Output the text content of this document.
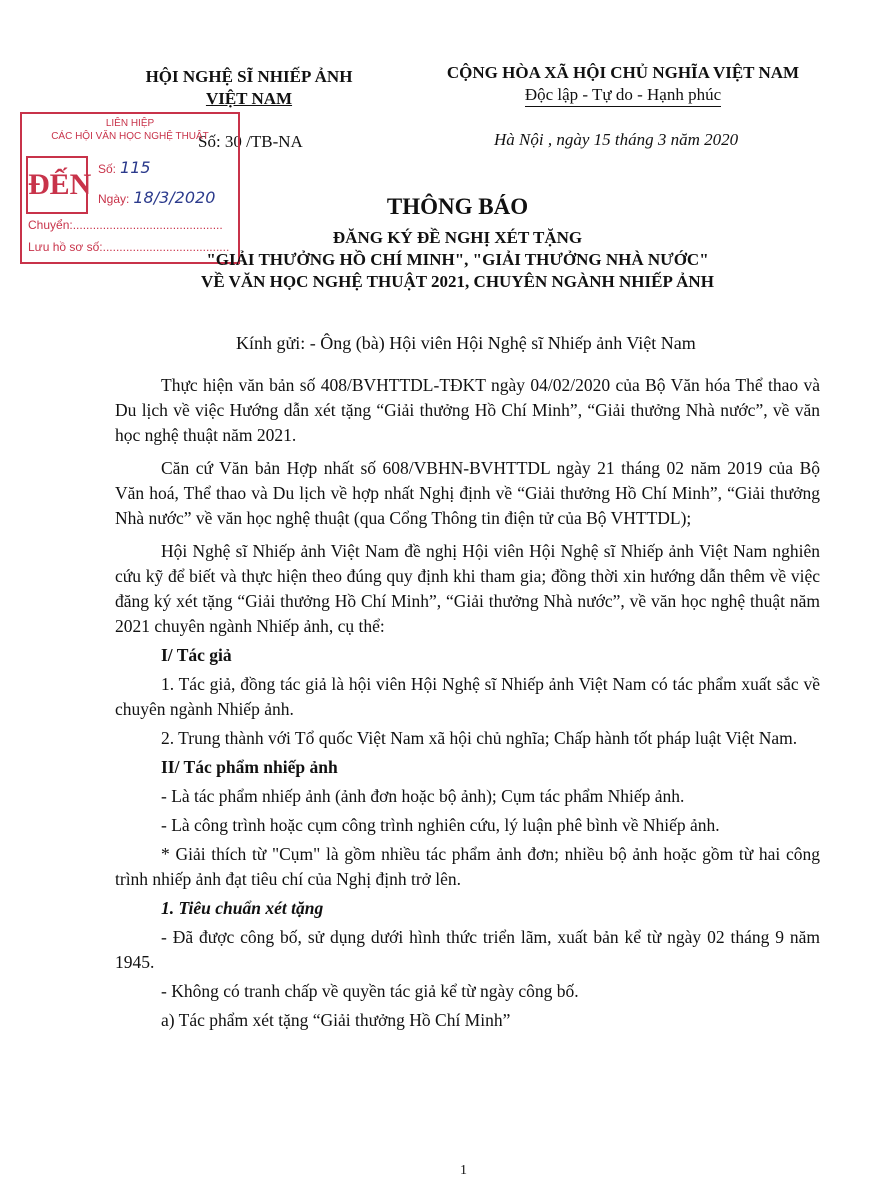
HỘI NGHỆ SĨ NHIẾP ẢNH
VIỆT NAM
CỘNG HÒA XÃ HỘI CHỦ NGHĨA VIỆT NAM
Độc lập - Tự do - Hạnh phúc
Số: 30 /TB-NA	Hà Nội , ngày 15 tháng 3 năm 2020
LIÊN HIỆP
CÁC HỘI VĂN HỌC NGHỆ THUẬT
ĐẾN Số: 115
Ngày: 18/3/2020
Chuyển:.............................................
Lưu hồ sơ số:......................................
THÔNG BÁO
ĐĂNG KÝ ĐỀ NGHỊ XÉT TẶNG
"GIẢI THƯỞNG HỒ CHÍ MINH", "GIẢI THƯỞNG NHÀ NƯỚC"
VỀ VĂN HỌC NGHỆ THUẬT 2021, CHUYÊN NGÀNH NHIẾP ẢNH
Kính gửi: - Ông (bà) Hội viên Hội Nghệ sĩ Nhiếp ảnh Việt Nam

Thực hiện văn bản số 408/BVHTTDL-TĐKT ngày 04/02/2020 của Bộ Văn hóa Thể thao và Du lịch về việc Hướng dẫn xét tặng “Giải thưởng Hồ Chí Minh”, “Giải thưởng Nhà nước”, về văn học nghệ thuật năm 2021.

Căn cứ Văn bản Hợp nhất số 608/VBHN-BVHTTDL ngày 21 tháng 02 năm 2019 của Bộ Văn hoá, Thể thao và Du lịch về hợp nhất Nghị định về “Giải thưởng Hồ Chí Minh”, “Giải thưởng Nhà nước” về văn học nghệ thuật (qua Cổng Thông tin điện tử của Bộ VHTTDL);

Hội Nghệ sĩ Nhiếp ảnh Việt Nam đề nghị Hội viên Hội Nghệ sĩ Nhiếp ảnh Việt Nam nghiên cứu kỹ để biết và thực hiện theo đúng quy định khi tham gia; đồng thời xin hướng dẫn thêm về việc đăng ký xét tặng “Giải thưởng Hồ Chí Minh”, “Giải thưởng Nhà nước”, về văn học nghệ thuật năm 2021 chuyên ngành Nhiếp ảnh, cụ thể:

I/ Tác giả

1. Tác giả, đồng tác giả là hội viên Hội Nghệ sĩ Nhiếp ảnh Việt Nam có tác phẩm xuất sắc về chuyên ngành Nhiếp ảnh.

2. Trung thành với Tổ quốc Việt Nam xã hội chủ nghĩa; Chấp hành tốt pháp luật Việt Nam.

II/ Tác phẩm nhiếp ảnh

- Là tác phẩm nhiếp ảnh (ảnh đơn hoặc bộ ảnh); Cụm tác phẩm Nhiếp ảnh.

- Là công trình hoặc cụm công trình nghiên cứu, lý luận phê bình về Nhiếp ảnh.

* Giải thích từ "Cụm" là gồm nhiều tác phẩm ảnh đơn; nhiều bộ ảnh hoặc gồm từ hai công trình nhiếp ảnh đạt tiêu chí của Nghị định trở lên.

1. Tiêu chuẩn xét tặng

- Đã được công bố, sử dụng dưới hình thức triển lãm, xuất bản kể từ ngày 02 tháng 9 năm 1945.

- Không có tranh chấp về quyền tác giả kể từ ngày công bố.

a) Tác phẩm xét tặng “Giải thưởng Hồ Chí Minh”

1
